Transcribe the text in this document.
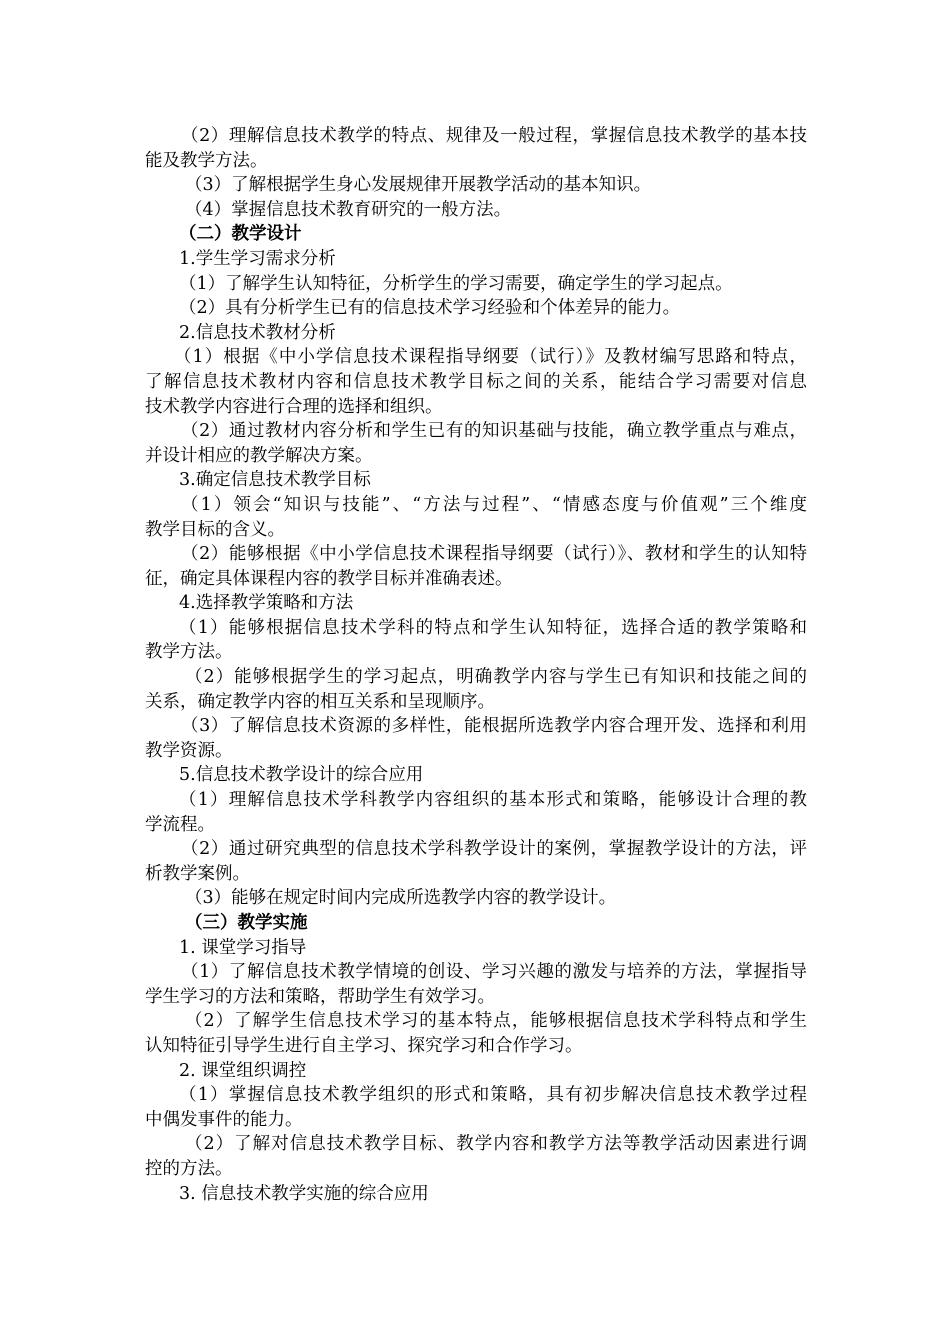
（2）理解信息技术教学的特点、规律及一般过程，掌握信息技术教学的基本技
能及教学方法。
（3）了解根据学生身心发展规律开展教学活动的基本知识。
（4）掌握信息技术教育研究的一般方法。
（二）教学设计
1.学生学习需求分析
（1）了解学生认知特征，分析学生的学习需要，确定学生的学习起点。
（2）具有分析学生已有的信息技术学习经验和个体差异的能力。
2.信息技术教材分析
（1）根据《中小学信息技术课程指导纲要（试行）》及教材编写思路和特点，
了解信息技术教材内容和信息技术教学目标之间的关系，能结合学习需要对信息
技术教学内容进行合理的选择和组织。
（2）通过教材内容分析和学生已有的知识基础与技能，确立教学重点与难点，
并设计相应的教学解决方案。
3.确定信息技术教学目标
（1）领会“知识与技能”、“方法与过程”、“情感态度与价值观”三个维度
教学目标的含义。
（2）能够根据《中小学信息技术课程指导纲要（试行）》、教材和学生的认知特
征，确定具体课程内容的教学目标并准确表述。
4.选择教学策略和方法
（1）能够根据信息技术学科的特点和学生认知特征，选择合适的教学策略和
教学方法。
（2）能够根据学生的学习起点，明确教学内容与学生已有知识和技能之间的
关系，确定教学内容的相互关系和呈现顺序。
（3）了解信息技术资源的多样性，能根据所选教学内容合理开发、选择和利用
教学资源。
5.信息技术教学设计的综合应用
（1）理解信息技术学科教学内容组织的基本形式和策略，能够设计合理的教
学流程。
（2）通过研究典型的信息技术学科教学设计的案例，掌握教学设计的方法，评
析教学案例。
（3）能够在规定时间内完成所选教学内容的教学设计。
（三）教学实施
1. 课堂学习指导
（1）了解信息技术教学情境的创设、学习兴趣的激发与培养的方法，掌握指导
学生学习的方法和策略，帮助学生有效学习。
（2）了解学生信息技术学习的基本特点，能够根据信息技术学科特点和学生
认知特征引导学生进行自主学习、探究学习和合作学习。
2. 课堂组织调控
（1）掌握信息技术教学组织的形式和策略，具有初步解决信息技术教学过程
中偶发事件的能力。
（2）了解对信息技术教学目标、教学内容和教学方法等教学活动因素进行调
控的方法。
3. 信息技术教学实施的综合应用
